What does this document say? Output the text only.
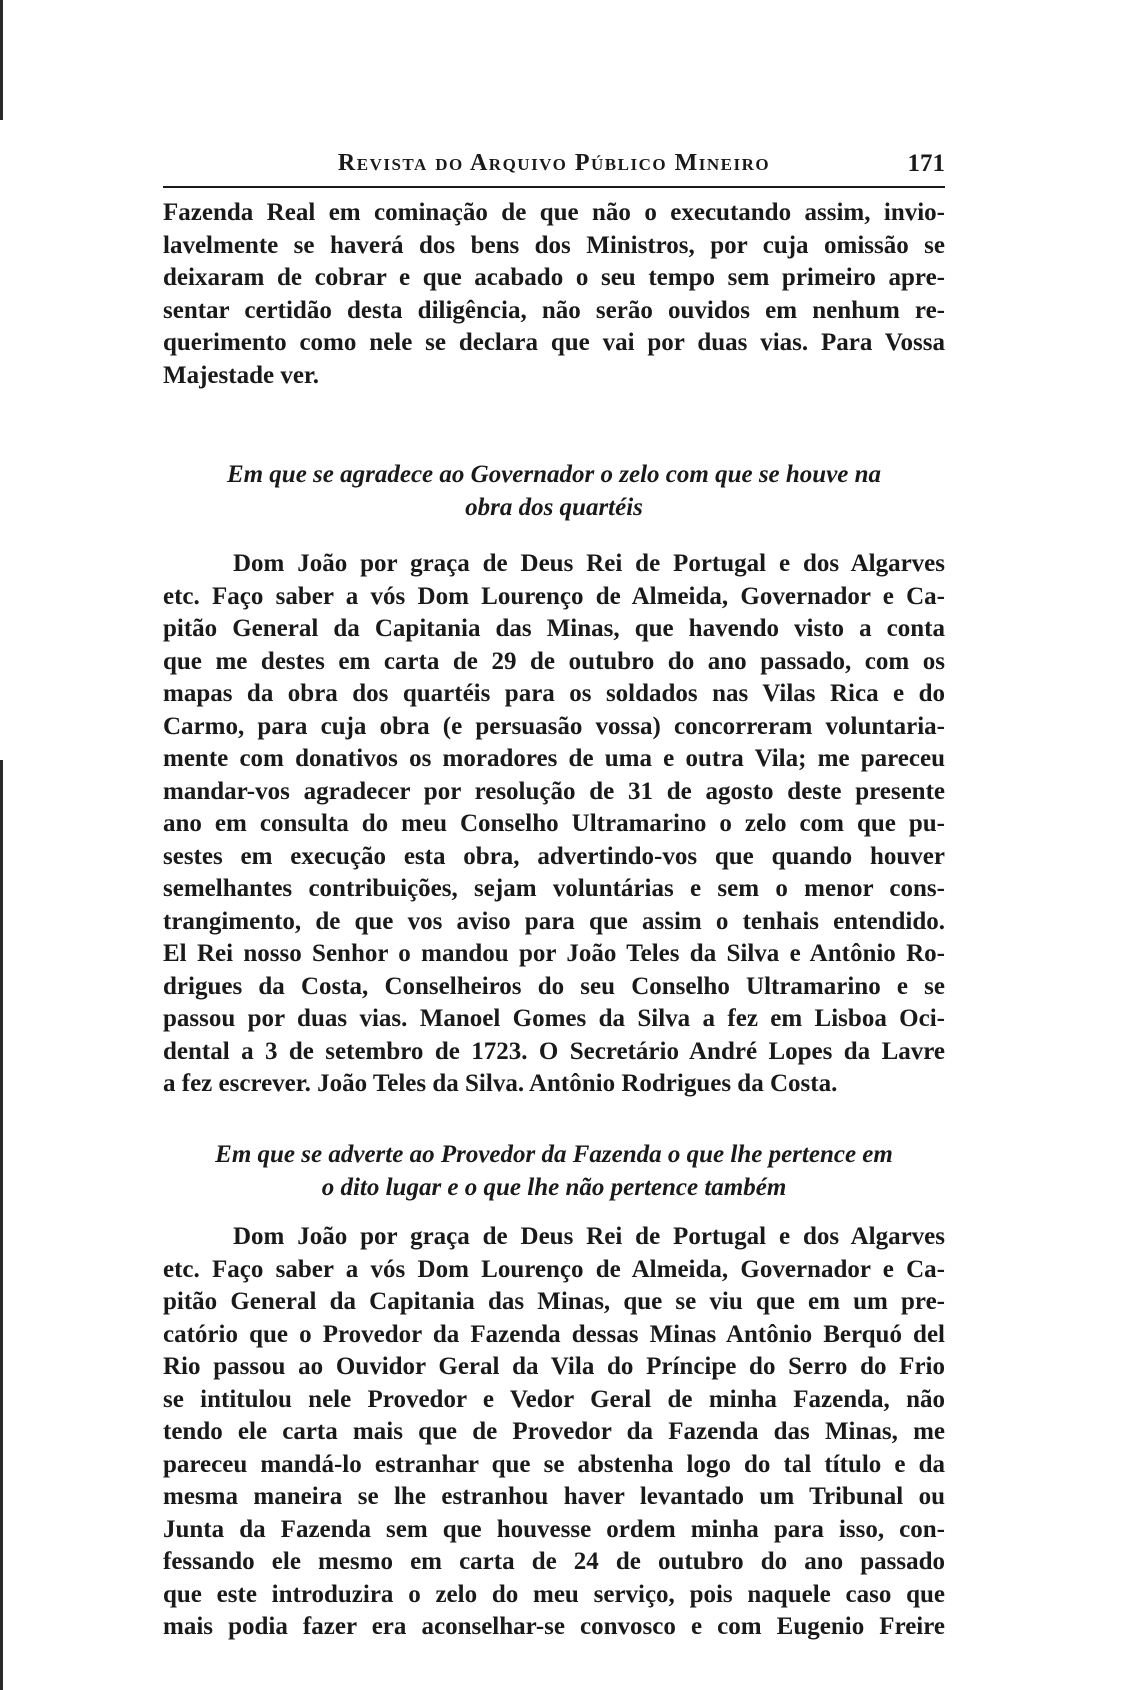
Revista do Arquivo Público Mineiro	171

Fazenda Real em cominação de que não o executando assim, invio-

lavelmente se haverá dos bens dos Ministros, por cuja omissão se

deixaram de cobrar e que acabado o seu tempo sem primeiro apre-

sentar certidão desta diligência, não serão ouvidos em nenhum re-

querimento como nele se declara que vai por duas vias. Para Vossa

Majestade ver.

Em que se agradece ao Governador o zelo com que se houve na

obra dos quartéis

Dom João por graça de Deus Rei de Portugal e dos Algarves

etc. Faço saber a vós Dom Lourenço de Almeida, Governador e Ca-

pitão General da Capitania das Minas, que havendo visto a conta

que me destes em carta de 29 de outubro do ano passado, com os

mapas da obra dos quartéis para os soldados nas Vilas Rica e do

Carmo, para cuja obra (e persuasão vossa) concorreram voluntaria-

mente com donativos os moradores de uma e outra Vila; me pareceu

mandar-vos agradecer por resolução de 31 de agosto deste presente

ano em consulta do meu Conselho Ultramarino o zelo com que pu-

sestes em execução esta obra, advertindo-vos que quando houver

semelhantes contribuições, sejam voluntárias e sem o menor cons-

trangimento, de que vos aviso para que assim o tenhais entendido.

El Rei nosso Senhor o mandou por João Teles da Silva e Antônio Ro-

drigues da Costa, Conselheiros do seu Conselho Ultramarino e se

passou por duas vias. Manoel Gomes da Silva a fez em Lisboa Oci-

dental a 3 de setembro de 1723. O Secretário André Lopes da Lavre

a fez escrever. João Teles da Silva. Antônio Rodrigues da Costa.

Em que se adverte ao Provedor da Fazenda o que lhe pertence em

o dito lugar e o que lhe não pertence também

Dom João por graça de Deus Rei de Portugal e dos Algarves

etc. Faço saber a vós Dom Lourenço de Almeida, Governador e Ca-

pitão General da Capitania das Minas, que se viu que em um pre-

catório que o Provedor da Fazenda dessas Minas Antônio Berquó del

Rio passou ao Ouvidor Geral da Vila do Príncipe do Serro do Frio

se intitulou nele Provedor e Vedor Geral de minha Fazenda, não

tendo ele carta mais que de Provedor da Fazenda das Minas, me

pareceu mandá-lo estranhar que se abstenha logo do tal título e da

mesma maneira se lhe estranhou haver levantado um Tribunal ou

Junta da Fazenda sem que houvesse ordem minha para isso, con-

fessando ele mesmo em carta de 24 de outubro do ano passado

que este introduzira o zelo do meu serviço, pois naquele caso que

mais podia fazer era aconselhar-se convosco e com Eugenio Freire
